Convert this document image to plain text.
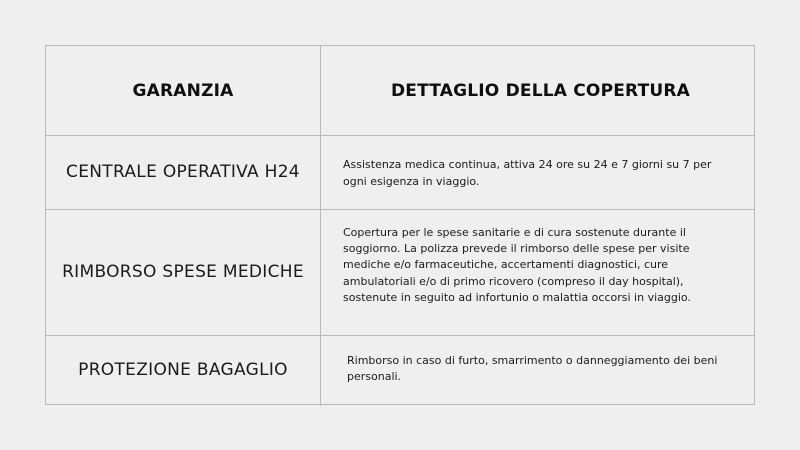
GARANZIA	DETTAGLIO DELLA COPERTURA
CENTRALE OPERATIVA H24	Assistenza medica continua, attiva 24 ore su 24 e 7 giorni su 7 per ogni esigenza in viaggio.
RIMBORSO SPESE MEDICHE
Copertura per le spese sanitarie e di cura sostenute durante il soggiorno. La polizza prevede il rimborso delle spese per visite mediche e/o farmaceutiche, accertamenti diagnostici, cure ambulatoriali e/o di primo ricovero (compreso il day hospital), sostenute in seguito ad infortunio o malattia occorsi in viaggio.
PROTEZIONE BAGAGLIO
Rimborso in caso di furto, smarrimento o danneggiamento dei beni personali.
